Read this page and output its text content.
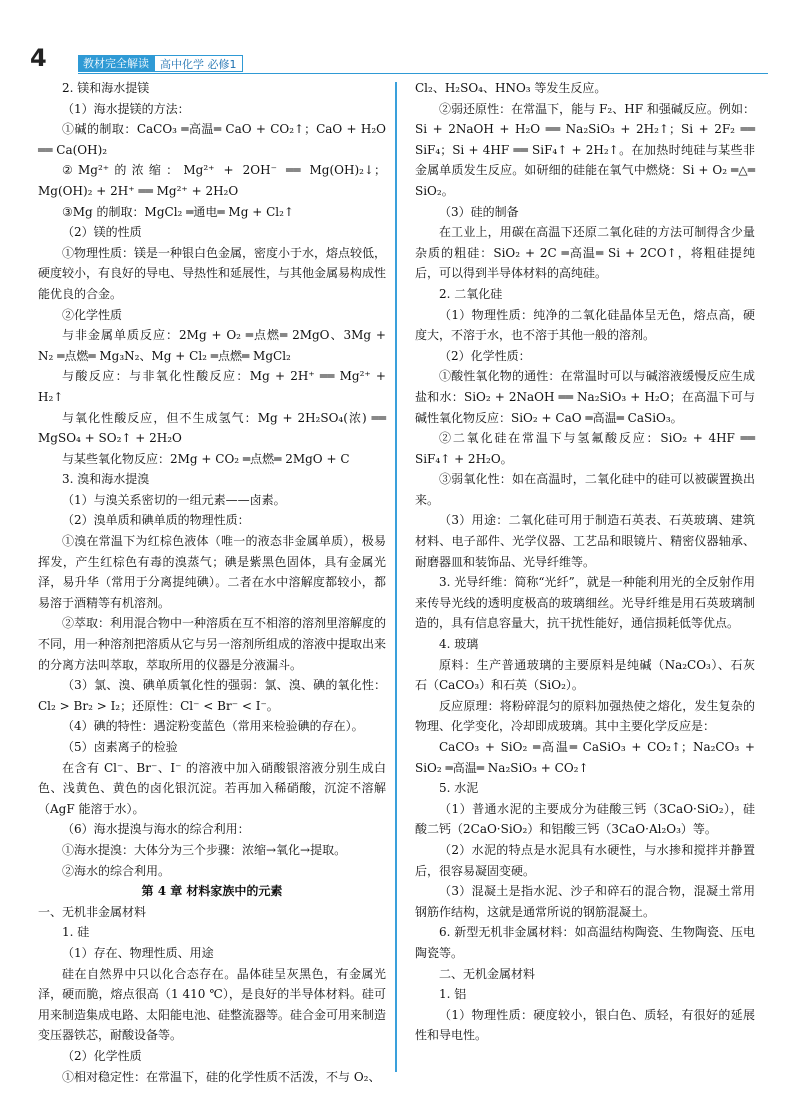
4	教材完全解读	高中化学 必修1

2. 镁和海水提镁

（1）海水提镁的方法：

①碱的制取：CaCO₃ ═高温═ CaO + CO₂↑；CaO + H₂O ══ Ca(OH)₂

②Mg²⁺的浓缩：Mg²⁺ + 2OH⁻ ══ Mg(OH)₂↓；Mg(OH)₂ + 2H⁺ ══ Mg²⁺ + 2H₂O

③Mg 的制取：MgCl₂ ═通电═ Mg + Cl₂↑

（2）镁的性质

①物理性质：镁是一种银白色金属，密度小于水，熔点较低，硬度较小，有良好的导电、导热性和延展性，与其他金属易构成性能优良的合金。

②化学性质

与非金属单质反应：2Mg + O₂ ═点燃═ 2MgO、3Mg + N₂ ═点燃═ Mg₃N₂、Mg + Cl₂ ═点燃═ MgCl₂

与酸反应：与非氧化性酸反应：Mg + 2H⁺ ══ Mg²⁺ + H₂↑

与氧化性酸反应，但不生成氢气：Mg + 2H₂SO₄(浓) ══ MgSO₄ + SO₂↑ + 2H₂O

与某些氧化物反应：2Mg + CO₂ ═点燃═ 2MgO + C

3. 溴和海水提溴

（1）与溴关系密切的一组元素——卤素。

（2）溴单质和碘单质的物理性质：

①溴在常温下为红棕色液体（唯一的液态非金属单质），极易挥发，产生红棕色有毒的溴蒸气；碘是紫黑色固体，具有金属光泽，易升华（常用于分离提纯碘）。二者在水中溶解度都较小，都易溶于酒精等有机溶剂。

②萃取：利用混合物中一种溶质在互不相溶的溶剂里溶解度的不同，用一种溶剂把溶质从它与另一溶剂所组成的溶液中提取出来的分离方法叫萃取，萃取所用的仪器是分液漏斗。

（3）氯、溴、碘单质氧化性的强弱：氯、溴、碘的氧化性：Cl₂ > Br₂ > I₂；还原性：Cl⁻ < Br⁻ < I⁻。

（4）碘的特性：遇淀粉变蓝色（常用来检验碘的存在）。

（5）卤素离子的检验

在含有 Cl⁻、Br⁻、I⁻ 的溶液中加入硝酸银溶液分别生成白色、浅黄色、黄色的卤化银沉淀。若再加入稀硝酸，沉淀不溶解（AgF 能溶于水）。

（6）海水提溴与海水的综合利用：

①海水提溴：大体分为三个步骤：浓缩→氧化→提取。

②海水的综合利用。

第 4 章 材料家族中的元素

一、无机非金属材料

1. 硅

（1）存在、物理性质、用途

硅在自然界中只以化合态存在。晶体硅呈灰黑色，有金属光泽，硬而脆，熔点很高（1 410 ℃），是良好的半导体材料。硅可用来制造集成电路、太阳能电池、硅整流器等。硅合金可用来制造变压器铁芯，耐酸设备等。

（2）化学性质

①相对稳定性：在常温下，硅的化学性质不活泼，不与 O₂、

Cl₂、H₂SO₄、HNO₃ 等发生反应。

②弱还原性：在常温下，能与 F₂、HF 和强碱反应。例如：Si + 2NaOH + H₂O ══ Na₂SiO₃ + 2H₂↑；Si + 2F₂ ══ SiF₄；Si + 4HF ══ SiF₄↑ + 2H₂↑。在加热时纯硅与某些非金属单质发生反应。如研细的硅能在氧气中燃烧：Si + O₂ ═△═ SiO₂。

（3）硅的制备

在工业上，用碳在高温下还原二氧化硅的方法可制得含少量杂质的粗硅：SiO₂ + 2C ═高温═ Si + 2CO↑，将粗硅提纯后，可以得到半导体材料的高纯硅。

2. 二氧化硅

（1）物理性质：纯净的二氧化硅晶体呈无色，熔点高，硬度大，不溶于水，也不溶于其他一般的溶剂。

（2）化学性质：

①酸性氧化物的通性：在常温时可以与碱溶液缓慢反应生成盐和水：SiO₂ + 2NaOH ══ Na₂SiO₃ + H₂O；在高温下可与碱性氧化物反应：SiO₂ + CaO ═高温═ CaSiO₃。

②二氧化硅在常温下与氢氟酸反应：SiO₂ + 4HF ══ SiF₄↑ + 2H₂O。

③弱氧化性：如在高温时，二氧化硅中的硅可以被碳置换出来。

（3）用途：二氧化硅可用于制造石英表、石英玻璃、建筑材料、电子部件、光学仪器、工艺品和眼镜片、精密仪器轴承、耐磨器皿和装饰品、光导纤维等。

3. 光导纤维：简称“光纤”，就是一种能利用光的全反射作用来传导光线的透明度极高的玻璃细丝。光导纤维是用石英玻璃制造的，具有信息容量大，抗干扰性能好，通信损耗低等优点。

4. 玻璃

原料：生产普通玻璃的主要原料是纯碱（Na₂CO₃）、石灰石（CaCO₃）和石英（SiO₂）。

反应原理：将粉碎混匀的原料加强热使之熔化，发生复杂的物理、化学变化，冷却即成玻璃。其中主要化学反应是：

CaCO₃ + SiO₂ ═高温═ CaSiO₃ + CO₂↑；Na₂CO₃ + SiO₂ ═高温═ Na₂SiO₃ + CO₂↑

5. 水泥

（1）普通水泥的主要成分为硅酸三钙（3CaO·SiO₂），硅酸二钙（2CaO·SiO₂）和铝酸三钙（3CaO·Al₂O₃）等。

（2）水泥的特点是水泥具有水硬性，与水掺和搅拌并静置后，很容易凝固变硬。

（3）混凝土是指水泥、沙子和碎石的混合物，混凝土常用钢筋作结构，这就是通常所说的钢筋混凝土。

6. 新型无机非金属材料：如高温结构陶瓷、生物陶瓷、压电陶瓷等。

二、无机金属材料

1. 铝

（1）物理性质：硬度较小，银白色、质轻，有很好的延展性和导电性。
